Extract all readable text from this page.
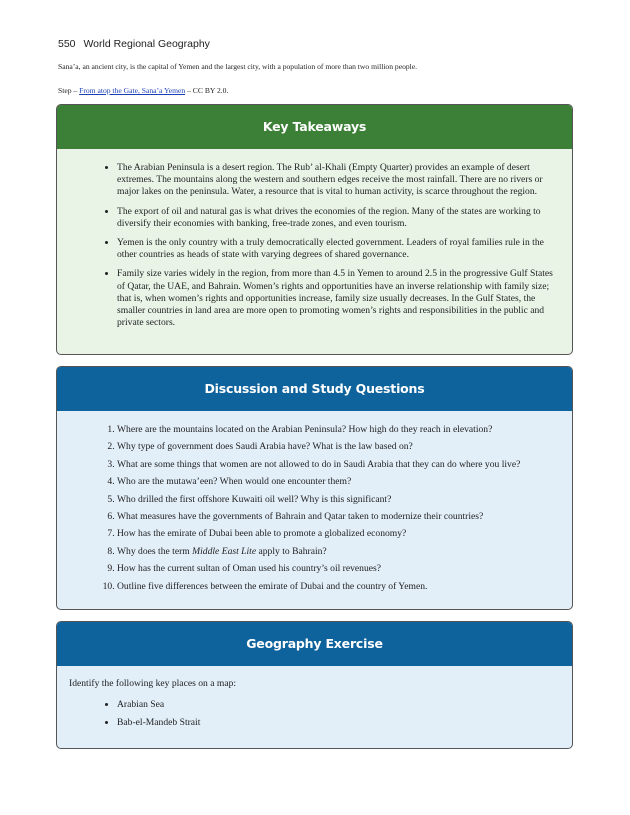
550 World Regional Geography
Sana’a, an ancient city, is the capital of Yemen and the largest city, with a population of more than two million people.
Step – From atop the Gate, Sana’a Yemen – CC BY 2.0.
Key Takeaways
• The Arabian Peninsula is a desert region. The Rub’ al-Khali (Empty Quarter) provides an example of desert extremes. The mountains along the western and southern edges receive the most rainfall. There are no rivers or major lakes on the peninsula. Water, a resource that is vital to human activity, is scarce throughout the region.
• The export of oil and natural gas is what drives the economies of the region. Many of the states are working to diversify their economies with banking, free-trade zones, and even tourism.
• Yemen is the only country with a truly democratically elected government. Leaders of royal families rule in the other countries as heads of state with varying degrees of shared governance.
• Family size varies widely in the region, from more than 4.5 in Yemen to around 2.5 in the progressive Gulf States of Qatar, the UAE, and Bahrain. Women’s rights and opportunities have an inverse relationship with family size; that is, when women’s rights and opportunities increase, family size usually decreases. In the Gulf States, the smaller countries in land area are more open to promoting women’s rights and responsibilities in the public and private sectors.
Discussion and Study Questions
1. Where are the mountains located on the Arabian Peninsula? How high do they reach in elevation?
2. Why type of government does Saudi Arabia have? What is the law based on?
3. What are some things that women are not allowed to do in Saudi Arabia that they can do where you live?
4. Who are the mutawa’een? When would one encounter them?
5. Who drilled the first offshore Kuwaiti oil well? Why is this significant?
6. What measures have the governments of Bahrain and Qatar taken to modernize their countries?
7. How has the emirate of Dubai been able to promote a globalized economy?
8. Why does the term Middle East Lite apply to Bahrain?
9. How has the current sultan of Oman used his country’s oil revenues?
10. Outline five differences between the emirate of Dubai and the country of Yemen.
Geography Exercise

Identify the following key places on a map:

• Arabian Sea
• Bab-el-Mandeb Strait
